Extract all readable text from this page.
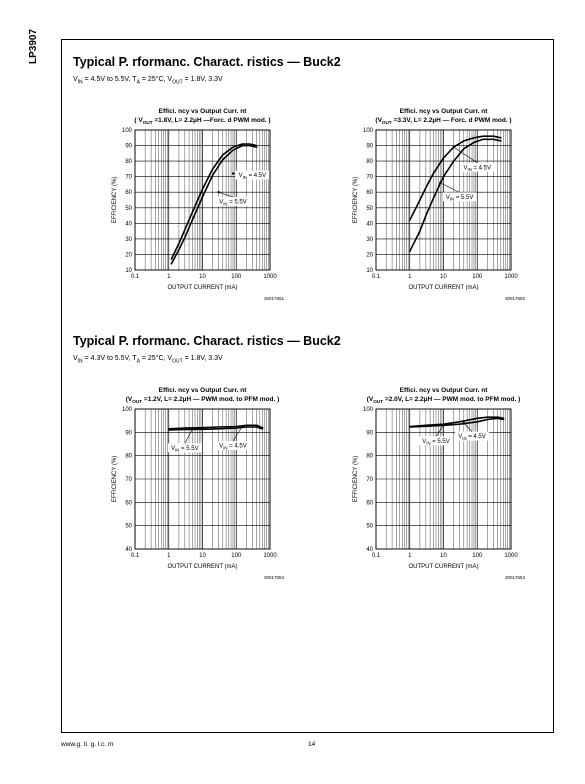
LP3907	Typical P. rformanc. Charact. ristics — Buck2
$V_{IN} = 4.5V$ to 5.5V, $T_A = 25^\circ C$, $V_{OUT} = 1.8V$, 3.3V
Effici. ncy vs Output Curr. nt
( $V_{OUT} =1.8V$, L= 2.2µH —Forc. d PWM mod. )
10
20
30
40
50
60
70
80
90
100
0.1	1	10	100	1000
OUTPUT CURRENT (mA)
EFFICIENCY (%)
$V_{IN} = 4.5V$
$V_{IN} = 5.5V$
30017651
Effici. ncy vs Output Curr. nt
($V_{OUT} =3.3V$, L= 2.2µH — Forc. d PWM mod. )
10
20
30
40
50
60
70
80
90
100
0.1	1	10	100	1000
OUTPUT CURRENT (mA)
EFFICIENCY (%)
$V_{IN} = 4.5V$
$V_{IN} = 5.5V$
30017652
Typical P. rformanc. Charact. ristics — Buck2
$V_{IN} = 4.3V$ to 5.5V, $T_A = 25^\circ C$, $V_{OUT} = 1.8V$, 3.3V
Effici. ncy vs Output Curr. nt
($V_{OUT} =1.2V$, L= 2.2µH — PWM mod. to PFM mod. )
40
50
60
70
80
90
100
0.1	1	10	100	1000
OUTPUT CURRENT (mA)
EFFICIENCY (%)
$V_{IN} = 4.5V$
$V_{IN} = 5.5V$
30017653
Effici. ncy vs Output Curr. nt
($V_{OUT} =2.0V$, L= 2.2µH — PWM mod. to PFM mod. )
40
50
60
70
80
90
100
0.1	1	10	100	1000
OUTPUT CURRENT (mA)
EFFICIENCY (%)
$V_{IN} = 4.5V$
$V_{IN} = 5.5V$
30017654
www.g. ti. g. l.c. m	14
